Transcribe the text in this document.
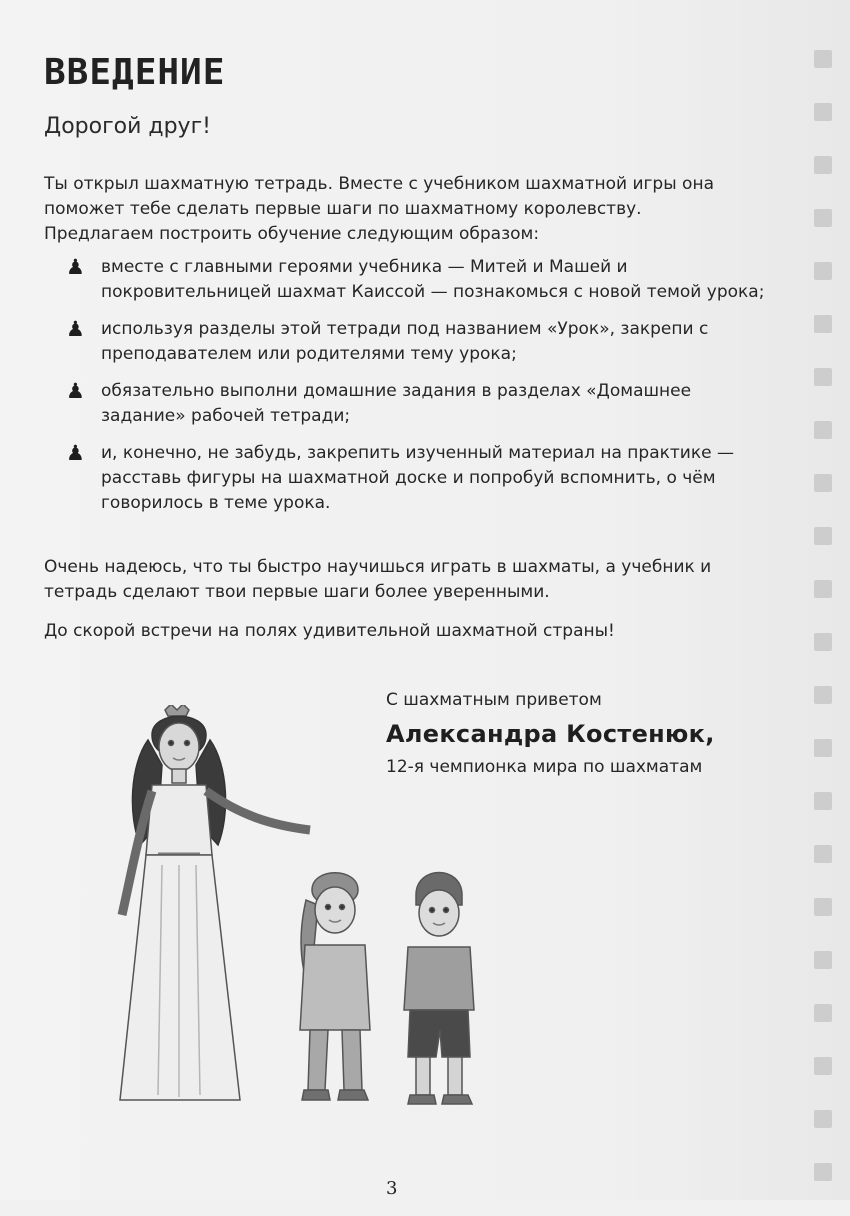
ВВЕДЕНИЕ

Дорогой друг!

Ты открыл шахматную тетрадь. Вместе с учебником шахматной игры она поможет тебе сделать первые шаги по шахматному королевству. Предлагаем построить обучение следующим образом:

♟ вместе с главными героями учебника — Митей и Машей и покровительницей шахмат Каиссой — познакомься с новой темой урока;
♟ используя разделы этой тетради под названием «Урок», закрепи с преподавателем или родителями тему урока;
♟ обязательно выполни домашние задания в разделах «Домашнее задание» рабочей тетради;
♟ и, конечно, не забудь, закрепить изученный материал на практике — расставь фигуры на шахматной доске и попробуй вспомнить, о чём говорилось в теме урока.

Очень надеюсь, что ты быстро научишься играть в шахматы, а учебник и тетрадь сделают твои первые шаги более уверенными.

До скорой встречи на полях удивительной шахматной страны!

С шахматным приветом

Александра Костенюк,

12-я чемпионка мира по шахматам

3
